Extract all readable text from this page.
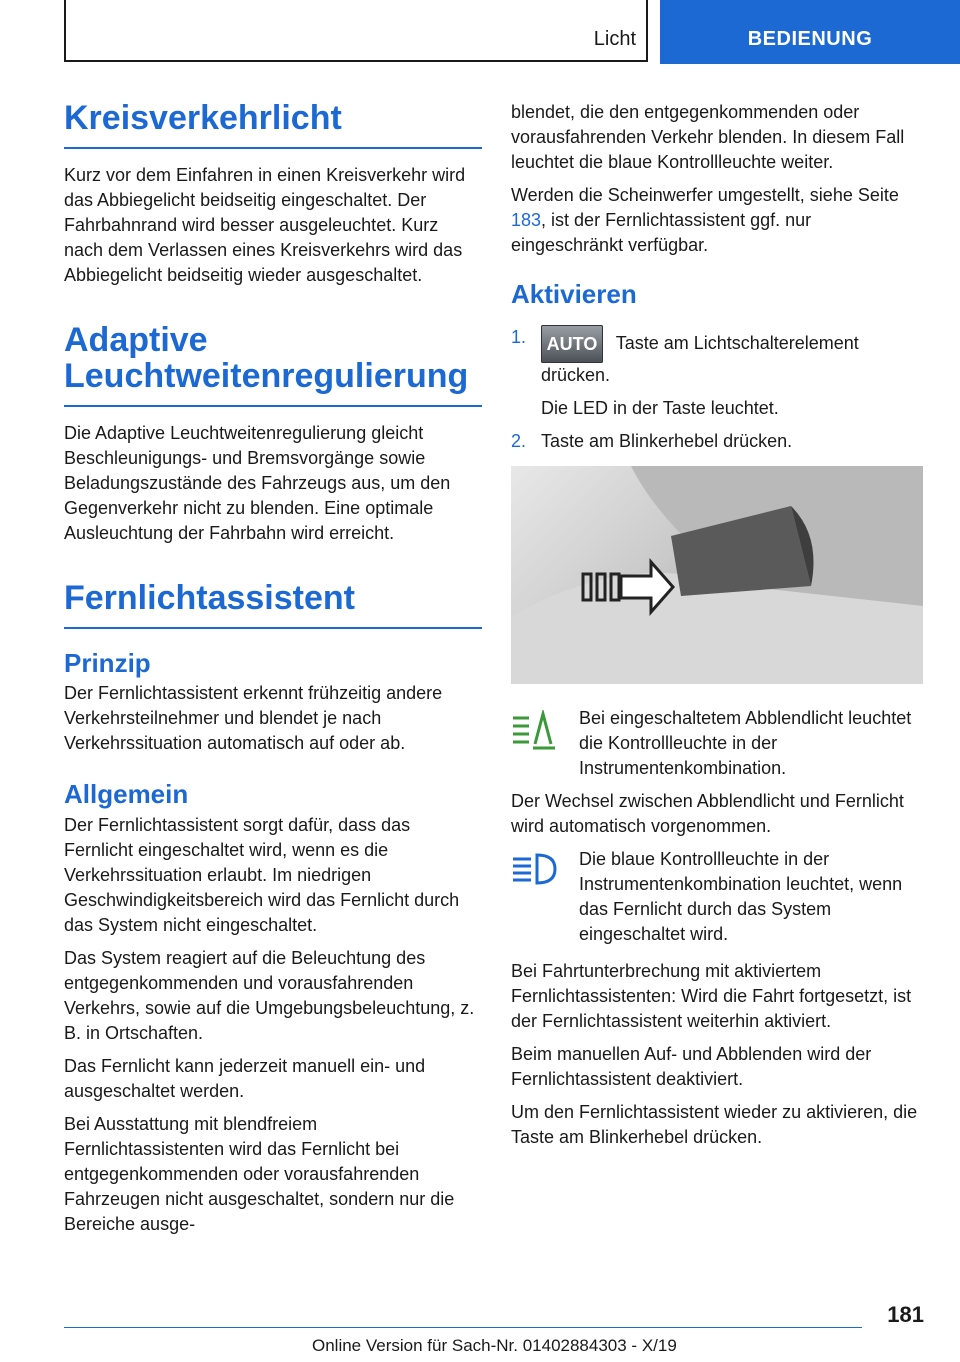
Licht	BEDIENUNG
Kreisverkehrlicht

Kurz vor dem Einfahren in einen Kreisverkehr wird das Abbiegelicht beidseitig eingeschaltet. Der Fahrbahnrand wird besser ausgeleuchtet. Kurz nach dem Verlassen eines Kreisverkehrs wird das Abbiegelicht beidseitig wieder ausgeschaltet.

Adaptive Leuchtweitenregulierung

Die Adaptive Leuchtweitenregulierung gleicht Beschleunigungs- und Bremsvorgänge sowie Beladungszustände des Fahrzeugs aus, um den Gegenverkehr nicht zu blenden. Eine optimale Ausleuchtung der Fahrbahn wird erreicht.

Fernlichtassistent
Prinzip

Der Fernlichtassistent erkennt frühzeitig andere Verkehrsteilnehmer und blendet je nach Verkehrssituation automatisch auf oder ab.

Allgemein

Der Fernlichtassistent sorgt dafür, dass das Fernlicht eingeschaltet wird, wenn es die Verkehrssituation erlaubt. Im niedrigen Geschwindigkeitsbereich wird das Fernlicht durch das System nicht eingeschaltet.

Das System reagiert auf die Beleuchtung des entgegenkommenden und vorausfahrenden Verkehrs, sowie auf die Umgebungsbeleuchtung, z. B. in Ortschaften.

Das Fernlicht kann jederzeit manuell ein- und ausgeschaltet werden.

Bei Ausstattung mit blendfreiem Fernlichtassistenten wird das Fernlicht bei entgegenkommenden oder vorausfahrenden Fahrzeugen nicht ausgeschaltet, sondern nur die Bereiche ausge-

blendet, die den entgegenkommenden oder vorausfahrenden Verkehr blenden. In diesem Fall leuchtet die blaue Kontrollleuchte weiter.

Werden die Scheinwerfer umgestellt, siehe Seite 183, ist der Fernlichtassistent ggf. nur eingeschränkt verfügbar.

Aktivieren
1.	AUTO Taste am Lichtschalterelement drücken.
Die LED in der Taste leuchtet.
2. Taste am Blinkerhebel drücken.

Bei eingeschaltetem Abblendlicht leuchtet die Kontrollleuchte in der Instrumentenkombination.

Der Wechsel zwischen Abblendlicht und Fernlicht wird automatisch vorgenommen.

Die blaue Kontrollleuchte in der Instrumentenkombination leuchtet, wenn das Fernlicht durch das System eingeschaltet wird.

Bei Fahrtunterbrechung mit aktiviertem Fernlichtassistenten: Wird die Fahrt fortgesetzt, ist der Fernlichtassistent weiterhin aktiviert.

Beim manuellen Auf- und Abblenden wird der Fernlichtassistent deaktiviert.

Um den Fernlichtassistent wieder zu aktivieren, die Taste am Blinkerhebel drücken.

181
Online Version für Sach-Nr. 01402884303 - X/19
